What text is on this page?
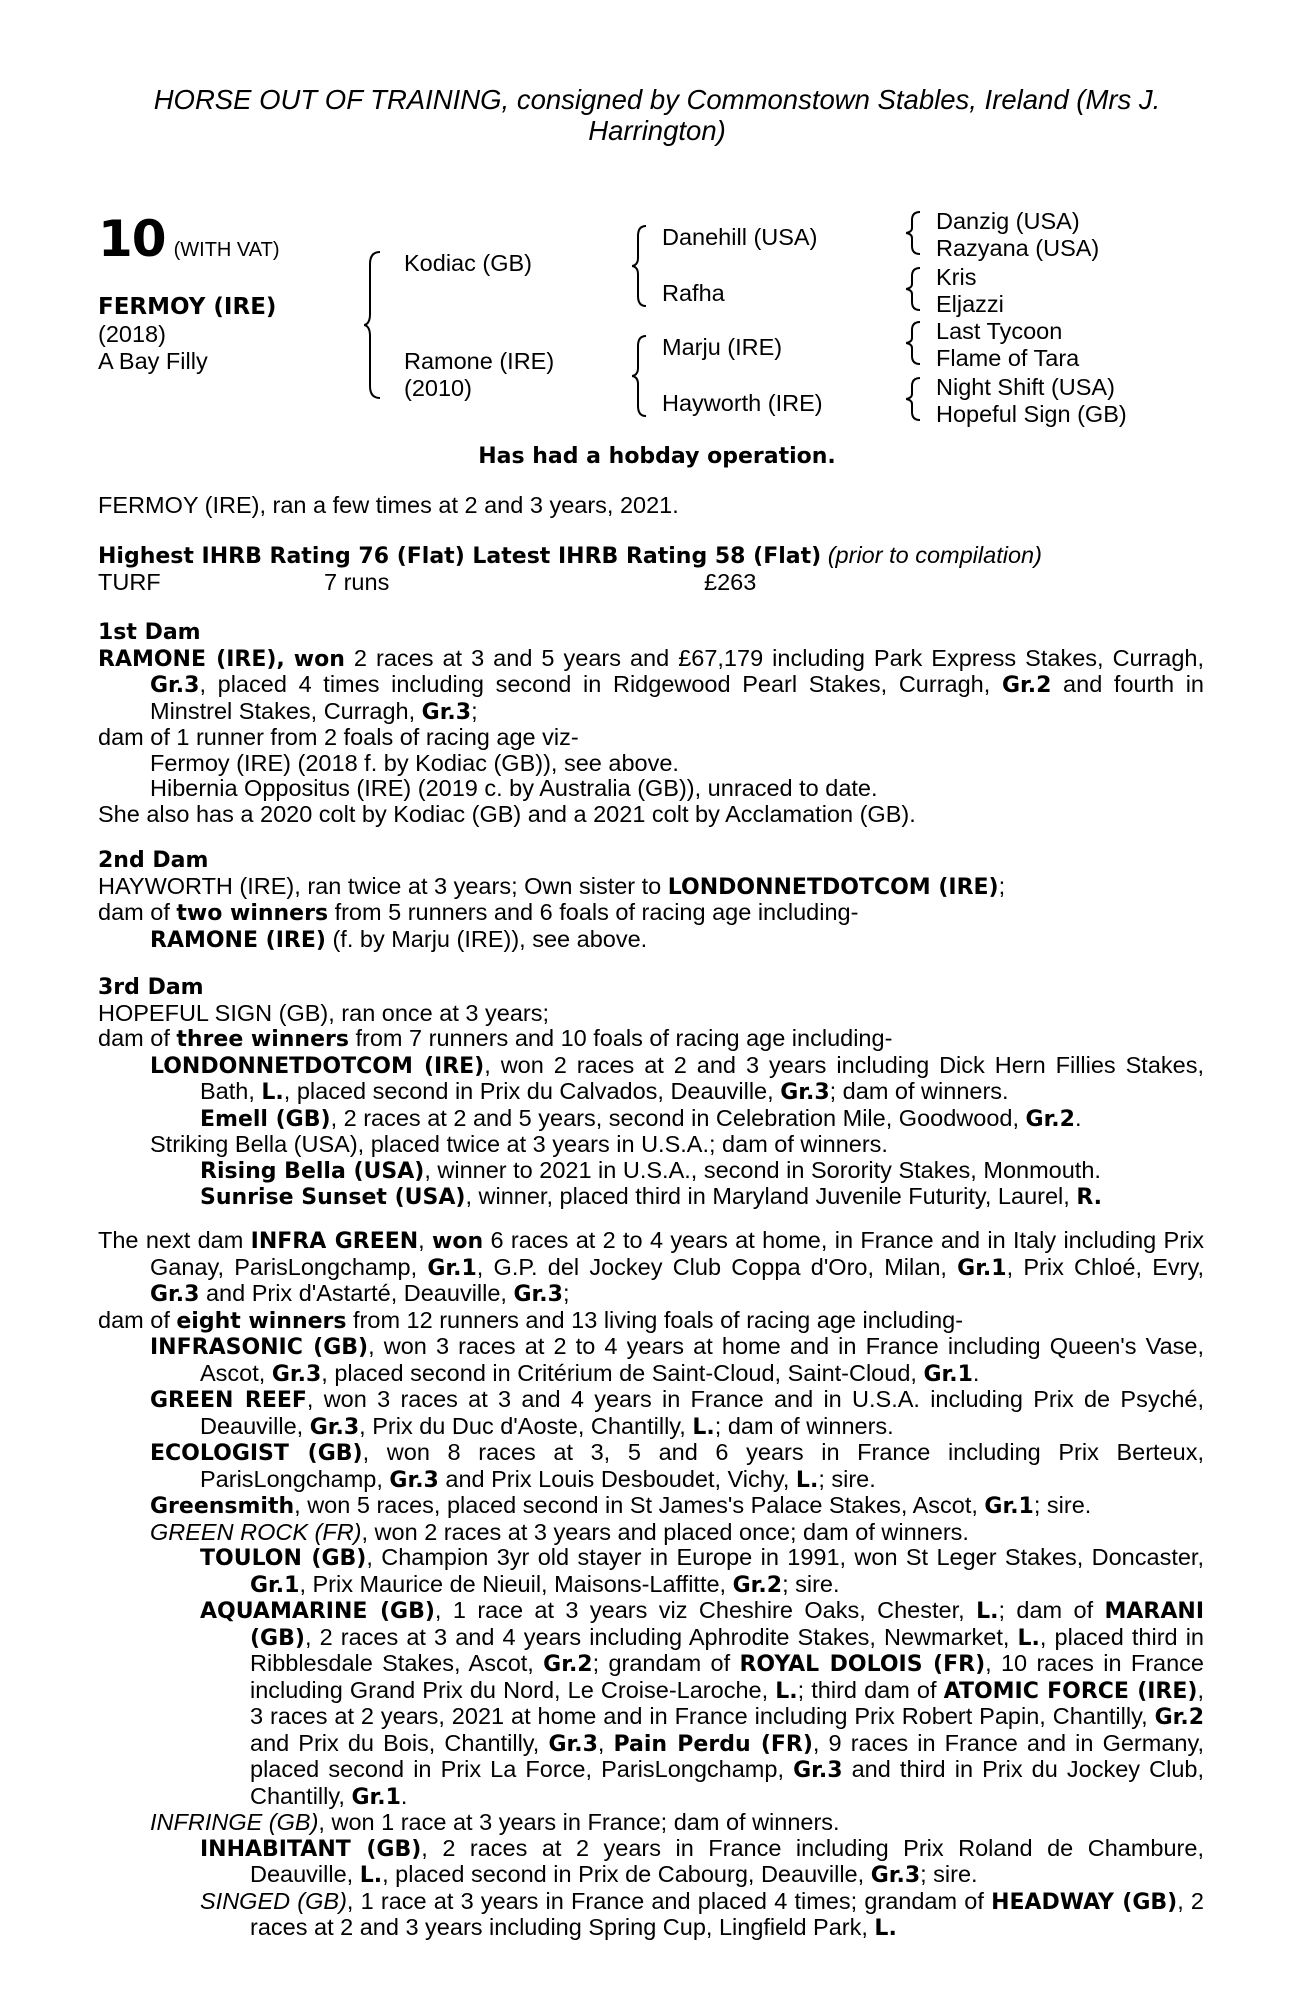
HORSE OUT OF TRAINING, consigned by Commonstown Stables, Ireland (Mrs J. Harrington)
10 (WITH VAT)
FERMOY (IRE)
(2018)
A Bay Filly
Kodiac (GB)
Ramone (IRE)
(2010)
Danehill (USA)
Rafha
Marju (IRE)
Hayworth (IRE)
Danzig (USA)
Razyana (USA)
Kris
Eljazzi
Last Tycoon
Flame of Tara
Night Shift (USA)
Hopeful Sign (GB)
Has had a hobday operation.

FERMOY (IRE), ran a few times at 2 and 3 years, 2021.

Highest IHRB Rating 76 (Flat) Latest IHRB Rating 58 (Flat) (prior to compilation)

TURF	7 runs	£263

1st Dam

RAMONE (IRE), won 2 races at 3 and 5 years and £67,179 including Park Express Stakes, Curragh, Gr.3, placed 4 times including second in Ridgewood Pearl Stakes, Curragh, Gr.2 and fourth in Minstrel Stakes, Curragh, Gr.3;

dam of 1 runner from 2 foals of racing age viz-

Fermoy (IRE) (2018 f. by Kodiac (GB)), see above.

Hibernia Oppositus (IRE) (2019 c. by Australia (GB)), unraced to date.

She also has a 2020 colt by Kodiac (GB) and a 2021 colt by Acclamation (GB).

2nd Dam

HAYWORTH (IRE), ran twice at 3 years; Own sister to LONDONNETDOTCOM (IRE);

dam of two winners from 5 runners and 6 foals of racing age including-

RAMONE (IRE) (f. by Marju (IRE)), see above.

3rd Dam

HOPEFUL SIGN (GB), ran once at 3 years;

dam of three winners from 7 runners and 10 foals of racing age including-

LONDONNETDOTCOM (IRE), won 2 races at 2 and 3 years including Dick Hern Fillies Stakes, Bath, L., placed second in Prix du Calvados, Deauville, Gr.3; dam of winners.

Emell (GB), 2 races at 2 and 5 years, second in Celebration Mile, Goodwood, Gr.2.

Striking Bella (USA), placed twice at 3 years in U.S.A.; dam of winners.

Rising Bella (USA), winner to 2021 in U.S.A., second in Sorority Stakes, Monmouth.

Sunrise Sunset (USA), winner, placed third in Maryland Juvenile Futurity, Laurel, R.

The next dam INFRA GREEN, won 6 races at 2 to 4 years at home, in France and in Italy including Prix Ganay, ParisLongchamp, Gr.1, G.P. del Jockey Club Coppa d'Oro, Milan, Gr.1, Prix Chloé, Evry, Gr.3 and Prix d'Astarté, Deauville, Gr.3;

dam of eight winners from 12 runners and 13 living foals of racing age including-

INFRASONIC (GB), won 3 races at 2 to 4 years at home and in France including Queen's Vase, Ascot, Gr.3, placed second in Critérium de Saint-Cloud, Saint-Cloud, Gr.1.

GREEN REEF, won 3 races at 3 and 4 years in France and in U.S.A. including Prix de Psyché, Deauville, Gr.3, Prix du Duc d'Aoste, Chantilly, L.; dam of winners.

ECOLOGIST (GB), won 8 races at 3, 5 and 6 years in France including Prix Berteux, ParisLongchamp, Gr.3 and Prix Louis Desboudet, Vichy, L.; sire.

Greensmith, won 5 races, placed second in St James's Palace Stakes, Ascot, Gr.1; sire.

GREEN ROCK (FR), won 2 races at 3 years and placed once; dam of winners.

TOULON (GB), Champion 3yr old stayer in Europe in 1991, won St Leger Stakes, Doncaster, Gr.1, Prix Maurice de Nieuil, Maisons-Laffitte, Gr.2; sire.

AQUAMARINE (GB), 1 race at 3 years viz Cheshire Oaks, Chester, L.; dam of MARANI (GB), 2 races at 3 and 4 years including Aphrodite Stakes, Newmarket, L., placed third in Ribblesdale Stakes, Ascot, Gr.2; grandam of ROYAL DOLOIS (FR), 10 races in France including Grand Prix du Nord, Le Croise-Laroche, L.; third dam of ATOMIC FORCE (IRE), 3 races at 2 years, 2021 at home and in France including Prix Robert Papin, Chantilly, Gr.2 and Prix du Bois, Chantilly, Gr.3, Pain Perdu (FR), 9 races in France and in Germany, placed second in Prix La Force, ParisLongchamp, Gr.3 and third in Prix du Jockey Club, Chantilly, Gr.1.

INFRINGE (GB), won 1 race at 3 years in France; dam of winners.

INHABITANT (GB), 2 races at 2 years in France including Prix Roland de Chambure, Deauville, L., placed second in Prix de Cabourg, Deauville, Gr.3; sire.

SINGED (GB), 1 race at 3 years in France and placed 4 times; grandam of HEADWAY (GB), 2 races at 2 and 3 years including Spring Cup, Lingfield Park, L.
